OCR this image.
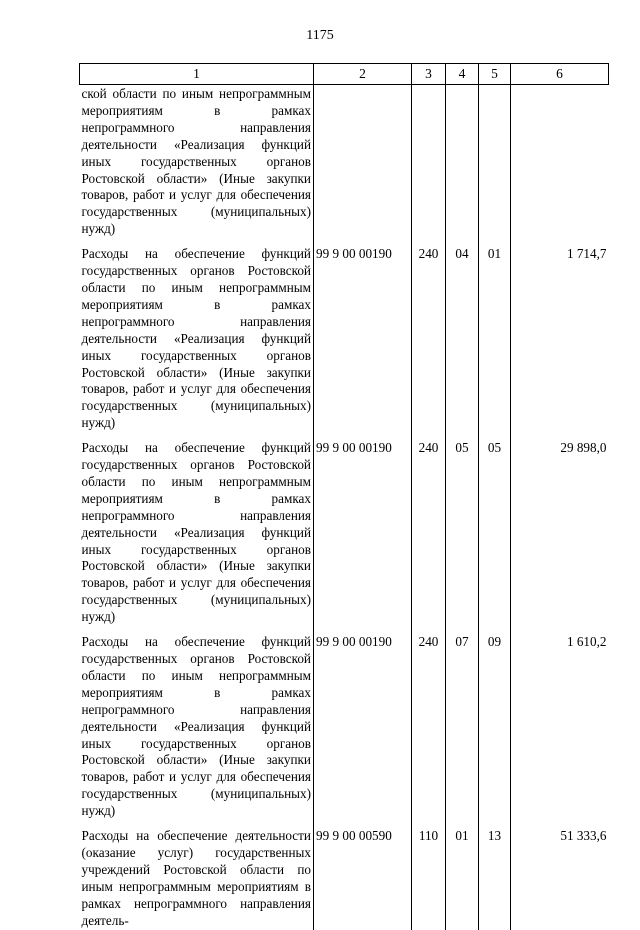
1175
1	2	3	4	5	6
ской области по иным непрограммным мероприятиям в рамках непрограммного направления деятельности «Реализация функций иных государственных органов Ростовской области» (Иные закупки товаров, работ и услуг для обеспечения государственных (муниципальных) нужд)					
Расходы на обеспечение функций государственных органов Ростовской области по иным непрограммным мероприятиям в рамках непрограммного направления деятельности «Реализация функций иных государственных органов Ростовской области» (Иные закупки товаров, работ и услуг для обеспечения государственных (муниципальных) нужд)	99 9 00 00190	240	04	01	1 714,7
Расходы на обеспечение функций государственных органов Ростовской области по иным непрограммным мероприятиям в рамках непрограммного направления деятельности «Реализация функций иных государственных органов Ростовской области» (Иные закупки товаров, работ и услуг для обеспечения государственных (муниципальных) нужд)	99 9 00 00190	240	05	05	29 898,0
Расходы на обеспечение функций государственных органов Ростовской области по иным непрограммным мероприятиям в рамках непрограммного направления деятельности «Реализация функций иных государственных органов Ростовской области» (Иные закупки товаров, работ и услуг для обеспечения государственных (муниципальных) нужд)	99 9 00 00190	240	07	09	1 610,2
Расходы на обеспечение деятельности (оказание услуг) государственных учреждений Ростовской области по иным непрограммным мероприятиям в рамках непрограммного направления деятель-	99 9 00 00590	110	01	13	51 333,6
